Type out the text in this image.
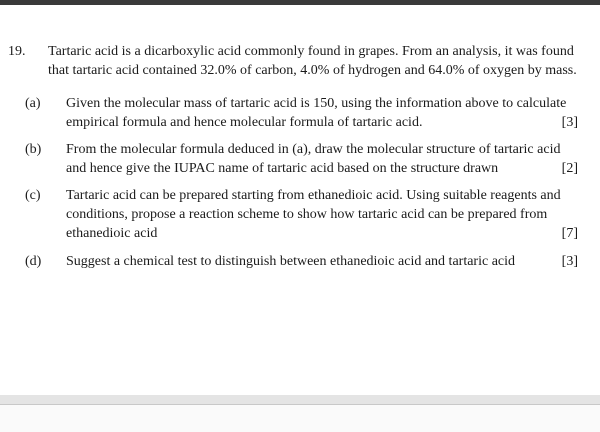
19. Tartaric acid is a dicarboxylic acid commonly found in grapes. From an analysis, it was found that tartaric acid contained 32.0% of carbon, 4.0% of hydrogen and 64.0% of oxygen by mass.
(a) Given the molecular mass of tartaric acid is 150, using the information above to calculate empirical formula and hence molecular formula of tartaric acid.	[3]
(b) From the molecular formula deduced in (a), draw the molecular structure of tartaric acid and hence give the IUPAC name of tartaric acid based on the structure drawn	[2]
(c) Tartaric acid can be prepared starting from ethanedioic acid. Using suitable reagents and conditions, propose a reaction scheme to show how tartaric acid can be prepared from ethanedioic acid	[7]
(d) Suggest a chemical test to distinguish between ethanedioic acid and tartaric acid	[3]
